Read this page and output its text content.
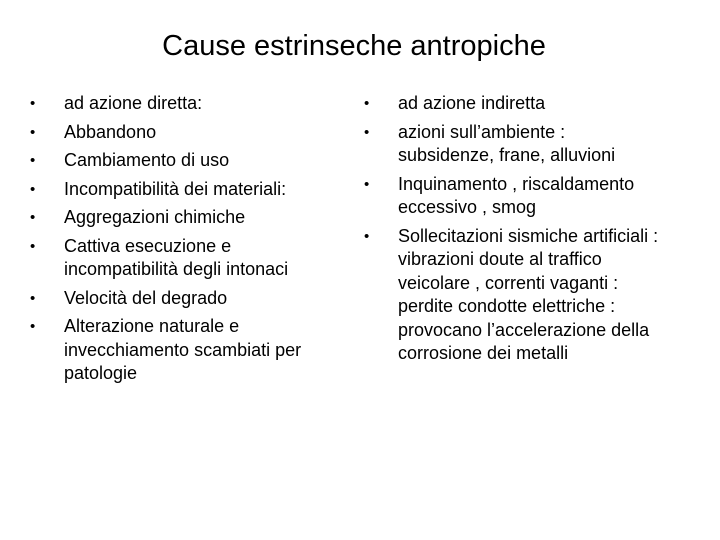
Cause estrinseche antropiche
• ad azione diretta:
• Abbandono
• Cambiamento di uso
• Incompatibilità dei materiali:
• Aggregazioni chimiche
• Cattiva esecuzione e incompatibilità degli intonaci
• Velocità del degrado
• Alterazione naturale e invecchiamento scambiati per patologie
• ad azione indiretta
• azioni sull’ambiente : subsidenze, frane, alluvioni
• Inquinamento , riscaldamento eccessivo , smog
• Sollecitazioni sismiche artificiali : vibrazioni doute al traffico veicolare , correnti vaganti : perdite condotte elettriche : provocano l’accelerazione della corrosione dei metalli
